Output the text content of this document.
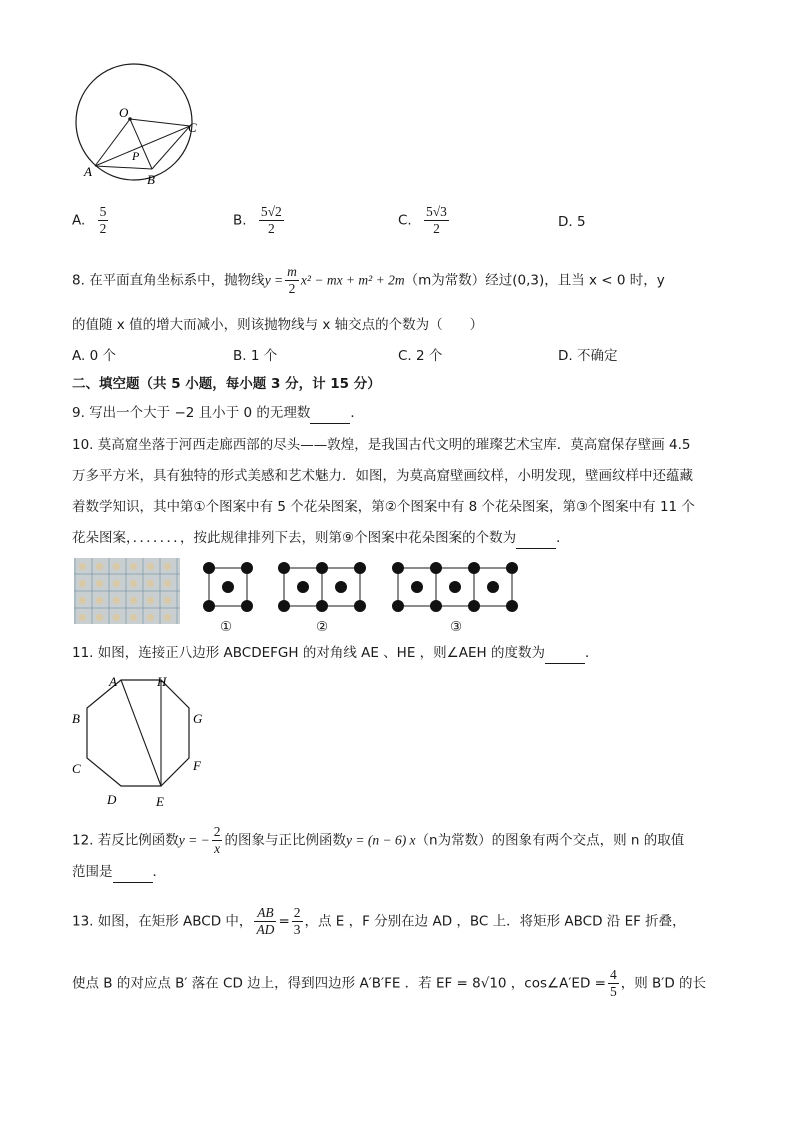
O
C
P
A
B
A. $\frac{5}{2}$	B. $\frac{5√2}{2}$	C. $\frac{5√3}{2}$	D. 5
8. 在平面直角坐标系中，抛物线$y = \frac{m}{2} x^2$ − mx + m² + 2m（m为常数）经过(0,3)，且当 x < 0 时，y
的值随 x 值的增大而减小，则该抛物线与 x 轴交点的个数为（　　）
A. 0 个	B. 1 个	C. 2 个	D. 不确定
二、填空题（共 5 小题，每小题 3 分，计 15 分）
9. 写出一个大于 −2 且小于 0 的无理数	．
10. 莫高窟坐落于河西走廊西部的尽头——敦煌，是我国古代文明的璀璨艺术宝库．莫高窟保存壁画 4.5
万多平方米，具有独特的形式美感和艺术魅力．如图，为莫高窟壁画纹样，小明发现，壁画纹样中还蕴藏
着数学知识，其中第①个图案中有 5 个花朵图案，第②个图案中有 8 个花朵图案，第③个图案中有 11 个
花朵图案，．．．．．．．，按此规律排列下去，则第⑨个图案中花朵图案的个数为	．
①	②	③
11. 如图，连接正八边形 ABCDEFGH 的对角线 AE 、HE ，则∠AEH 的度数为	．
A	H
B	G
C	F
D	E
12. 若反比例函数y = − $\frac{2}{x}$ 的图象与正比例函数y = (n − 6) x（n为常数）的图象有两个交点，则 n 的取值
范围是	．
13. 如图，在矩形 ABCD 中， $\frac{AB}{AD} = \frac{2}{3}$ ，点 E ，F 分别在边 AD ，BC 上．将矩形 ABCD 沿 EF 折叠，
使点 B 的对应点 B′ 落在 CD 边上，得到四边形 A′B′FE ．若 EF = 8√10 ，cos∠A′ED = $\frac{4}{5}$ ，则 B′D 的长
